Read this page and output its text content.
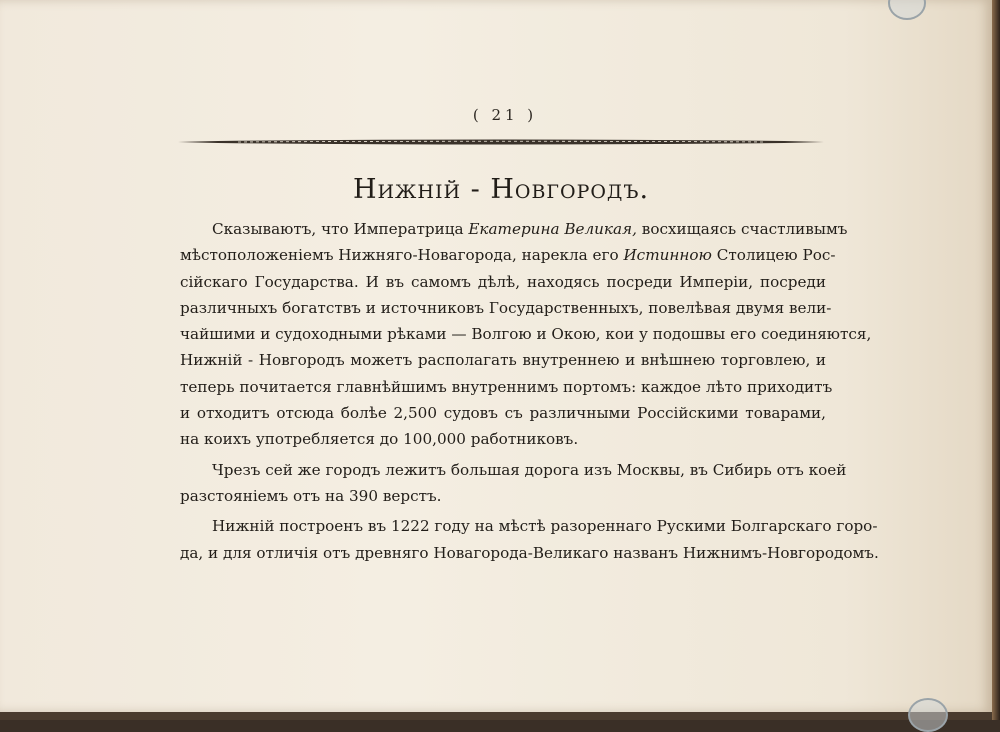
( 21 )
Нижній - Новгородъ.
Сказываютъ, что Императрица Екатерина Великая, восхищаясь счастливымъ
мѣстоположеніемъ Нижняго-Новагорода, нарекла его Истинною Столицею Рос-
сійскаго Государства. И въ самомъ дѣлѣ, находясь посреди Имперіи, посреди
различныхъ богатствъ и источниковъ Государственныхъ, повелѣвая двумя вели-
чайшими и судоходными рѣками — Волгою и Окою, кои у подошвы его соединяются,
Нижній - Новгородъ можетъ располагать внутреннею и внѣшнею торговлею, и
теперь почитается главнѣйшимъ внутреннимъ портомъ: каждое лѣто приходитъ
и отходитъ отсюда болѣе 2,500 судовъ съ различными Россійскими товарами,
на коихъ употребляется до 100,000 работниковъ.
Чрезъ сей же городъ лежитъ большая дорога изъ Москвы, въ Сибирь отъ коей
разстояніемъ отъ на 390 верстъ.
Нижній построенъ въ 1222 году на мѣстѣ разореннаго Рускими Болгарскаго горо-
да, и для отличія отъ древняго Новагорода-Великаго названъ Нижнимъ-Новгородомъ.
